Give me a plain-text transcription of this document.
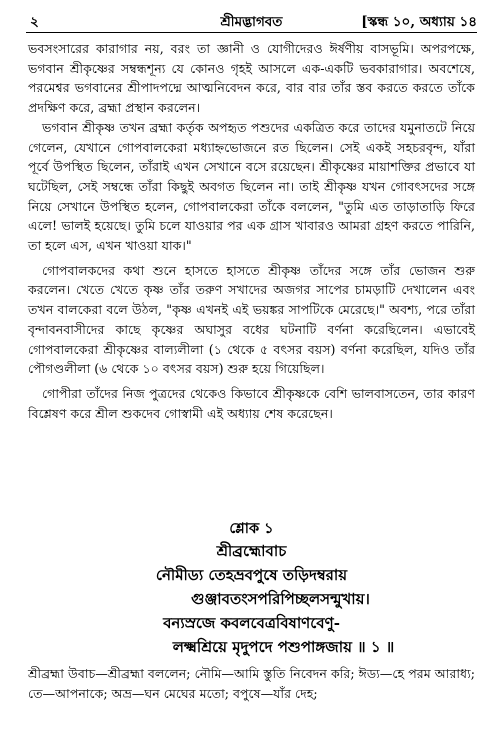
২	শ্রীমদ্ভাগবত	[স্কন্ধ ১০, অধ্যায় ১৪

ভবসংসারের কারাগার নয়, বরং তা জ্ঞানী ও যোগীদেরও ঈর্ষণীয় বাসভূমি। অপরপক্ষে, ভগবান শ্রীকৃষ্ণের সম্বন্ধশূন্য যে কোনও গৃহই আসলে এক-একটি ভবকারাগার। অবশেষে, পরমেশ্বর ভগবানের শ্রীপাদপদ্মে আত্মনিবেদন করে, বার বার তাঁর স্তব করতে করতে তাঁকে প্রদক্ষিণ করে, ব্রহ্মা প্রস্থান করলেন।

ভগবান শ্রীকৃষ্ণ তখন ব্রহ্মা কর্তৃক অপহৃত পশুদের একত্রিত করে তাদের যমুনাতটে নিয়ে গেলেন, যেখানে গোপবালকেরা মধ্যাহ্নভোজনে রত ছিলেন। সেই একই সহচরবৃন্দ, যাঁরা পূর্বে উপস্থিত ছিলেন, তাঁরাই এখন সেখানে বসে রয়েছেন। শ্রীকৃষ্ণের মায়াশক্তির প্রভাবে যা ঘটেছিল, সেই সম্বন্ধে তাঁরা কিছুই অবগত ছিলেন না। তাই শ্রীকৃষ্ণ যখন গোবৎসদের সঙ্গে নিয়ে সেখানে উপস্থিত হলেন, গোপবালকেরা তাঁকে বললেন, "তুমি এত তাড়াতাড়ি ফিরে এলে! ভালই হয়েছে। তুমি চলে যাওয়ার পর এক গ্রাস খাবারও আমরা গ্রহণ করতে পারিনি, তা হলে এস, এখন খাওয়া যাক।"

গোপবালকদের কথা শুনে হাসতে হাসতে শ্রীকৃষ্ণ তাঁদের সঙ্গে তাঁর ভোজন শুরু করলেন। খেতে খেতে কৃষ্ণ তাঁর তরুণ সখাদের অজগর সাপের চামড়াটি দেখালেন এবং তখন বালকেরা বলে উঠল, "কৃষ্ণ এখনই এই ভয়ঙ্কর সাপটিকে মেরেছে।" অবশ্য, পরে তাঁরা বৃন্দাবনবাসীদের কাছে কৃষ্ণের অঘাসুর বধের ঘটনাটি বর্ণনা করেছিলেন। এভাবেই গোপবালকেরা শ্রীকৃষ্ণের বাল্যলীলা (১ থেকে ৫ বৎসর বয়স) বর্ণনা করেছিল, যদিও তাঁর পৌগণ্ডলীলা (৬ থেকে ১০ বৎসর বয়স) শুরু হয়ে গিয়েছিল।

গোপীরা তাঁদের নিজ পুত্রদের থেকেও কিভাবে শ্রীকৃষ্ণকে বেশি ভালবাসতেন, তার কারণ বিশ্লেষণ করে শ্রীল শুকদেব গোস্বামী এই অধ্যায় শেষ করেছেন।

শ্লোক ১
শ্রীব্রহ্মোবাচ
নৌমীড্য তেহভ্রবপুষে তড়িদম্বরায়
গুঞ্জাবতংসপরিপিচ্ছলসন্মুখায়।
বন্যস্রজে কবলবেত্রবিষাণবেণু-
লক্ষ্মশ্রিয়ে মৃদুপদে পশুপাঙ্গজায় ॥ ১ ॥

শ্রীব্রহ্মা উবাচ—শ্রীব্রহ্মা বললেন; নৌমি—আমি স্তুতি নিবেদন করি; ঈড্য—হে পরম আরাধ্য; তে—আপনাকে; অভ্র—ঘন মেঘের মতো; বপুষে—যাঁর দেহ;
